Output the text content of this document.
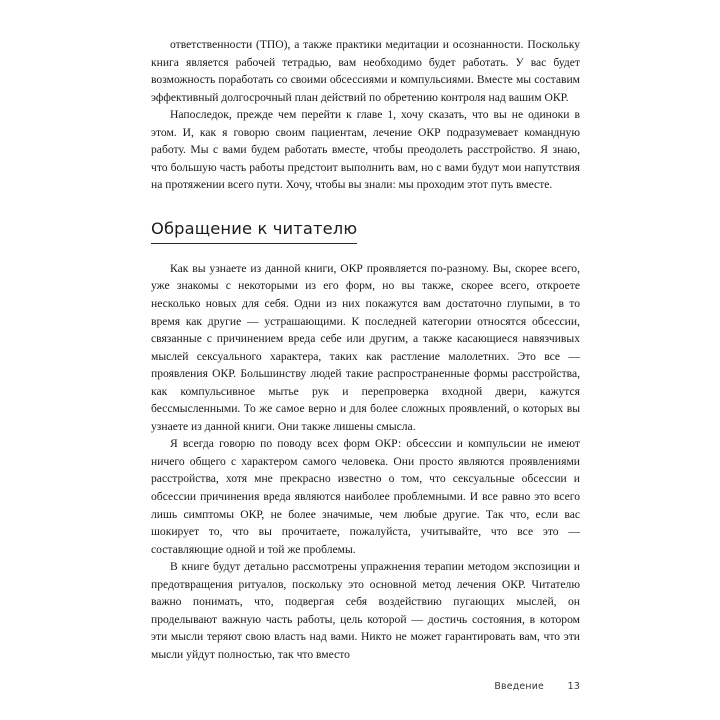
ответственности (ТПО), а также практики медитации и осознанности. Поскольку книга является рабочей тетрадью, вам необходимо будет работать. У вас будет возможность поработать со своими обсессиями и компульсиями. Вместе мы составим эффективный долгосрочный план действий по обретению контроля над вашим ОКР.

Напоследок, прежде чем перейти к главе 1, хочу сказать, что вы не одиноки в этом. И, как я говорю своим пациентам, лечение ОКР подразумевает командную работу. Мы с вами будем работать вместе, чтобы преодолеть расстройство. Я знаю, что большую часть работы предстоит выполнить вам, но с вами будут мои напутствия на протяжении всего пути. Хочу, чтобы вы знали: мы проходим этот путь вместе.

Обращение к читателю

Как вы узнаете из данной книги, ОКР проявляется по-разному. Вы, скорее всего, уже знакомы с некоторыми из его форм, но вы также, скорее всего, откроете несколько новых для себя. Одни из них покажутся вам достаточно глупыми, в то время как другие — устрашающими. К последней категории относятся обсессии, связанные с причинением вреда себе или другим, а также касающиеся навязчивых мыслей сексуального характера, таких как растление малолетних. Это все — проявления ОКР. Большинству людей такие распространенные формы расстройства, как компульсивное мытье рук и перепроверка входной двери, кажутся бессмысленными. То же самое верно и для более сложных проявлений, о которых вы узнаете из данной книги. Они также лишены смысла.

Я всегда говорю по поводу всех форм ОКР: обсессии и компульсии не имеют ничего общего с характером самого человека. Они просто являются проявлениями расстройства, хотя мне прекрасно известно о том, что сексуальные обсессии и обсессии причинения вреда являются наиболее проблемными. И все равно это всего лишь симптомы ОКР, не более значимые, чем любые другие. Так что, если вас шокирует то, что вы прочитаете, пожалуйста, учитывайте, что все это — составляющие одной и той же проблемы.

В книге будут детально рассмотрены упражнения терапии методом экспозиции и предотвращения ритуалов, поскольку это основной метод лечения ОКР. Читателю важно понимать, что, подвергая себя воздействию пугающих мыслей, он проделывают важную часть работы, цель которой — достичь состояния, в котором эти мысли теряют свою власть над вами. Никто не может гарантировать вам, что эти мысли уйдут полностью, так что вместо

Введение	13
